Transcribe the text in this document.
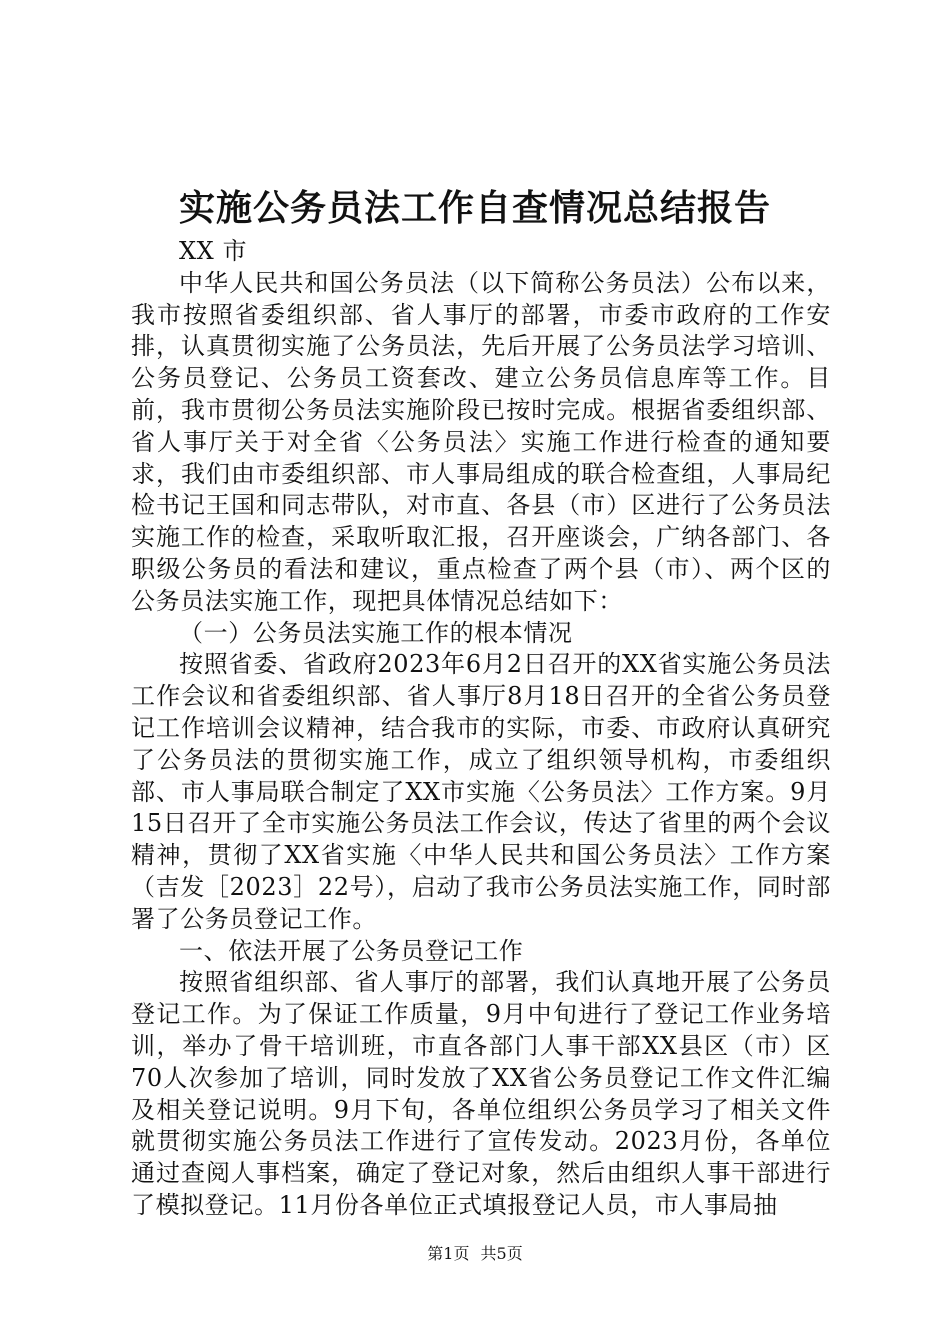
实施公务员法工作自查情况总结报告

XX 市

中华人民共和国公务员法（以下简称公务员法）公布以来，我市按照省委组织部、省人事厅的部署，市委市政府的工作安排，认真贯彻实施了公务员法，先后开展了公务员法学习培训、公务员登记、公务员工资套改、建立公务员信息库等工作。目前，我市贯彻公务员法实施阶段已按时完成。根据省委组织部、省人事厅关于对全省〈公务员法〉实施工作进行检查的通知要求，我们由市委组织部、市人事局组成的联合检查组，人事局纪检书记王国和同志带队，对市直、各县（市）区进行了公务员法实施工作的检查，采取听取汇报，召开座谈会，广纳各部门、各职级公务员的看法和建议，重点检查了两个县（市）、两个区的公务员法实施工作，现把具体情况总结如下：

（一）公务员法实施工作的根本情况

按照省委、省政府2023年6月2日召开的XX省实施公务员法工作会议和省委组织部、省人事厅8月18日召开的全省公务员登记工作培训会议精神，结合我市的实际，市委、市政府认真研究了公务员法的贯彻实施工作，成立了组织领导机构，市委组织部、市人事局联合制定了XX市实施〈公务员法〉工作方案。9月15日召开了全市实施公务员法工作会议，传达了省里的两个会议精神，贯彻了XX省实施〈中华人民共和国公务员法〉工作方案（吉发［2023］22号），启动了我市公务员法实施工作，同时部署了公务员登记工作。

一、依法开展了公务员登记工作

按照省组织部、省人事厅的部署，我们认真地开展了公务员登记工作。为了保证工作质量，9月中旬进行了登记工作业务培训，举办了骨干培训班，市直各部门人事干部XX县区（市）区70人次参加了培训，同时发放了XX省公务员登记工作文件汇编及相关登记说明。9月下旬，各单位组织公务员学习了相关文件就贯彻实施公务员法工作进行了宣传发动。2023月份，各单位通过查阅人事档案，确定了登记对象，然后由组织人事干部进行了模拟登记。11月份各单位正式填报登记人员，市人事局抽

第1页 共5页
